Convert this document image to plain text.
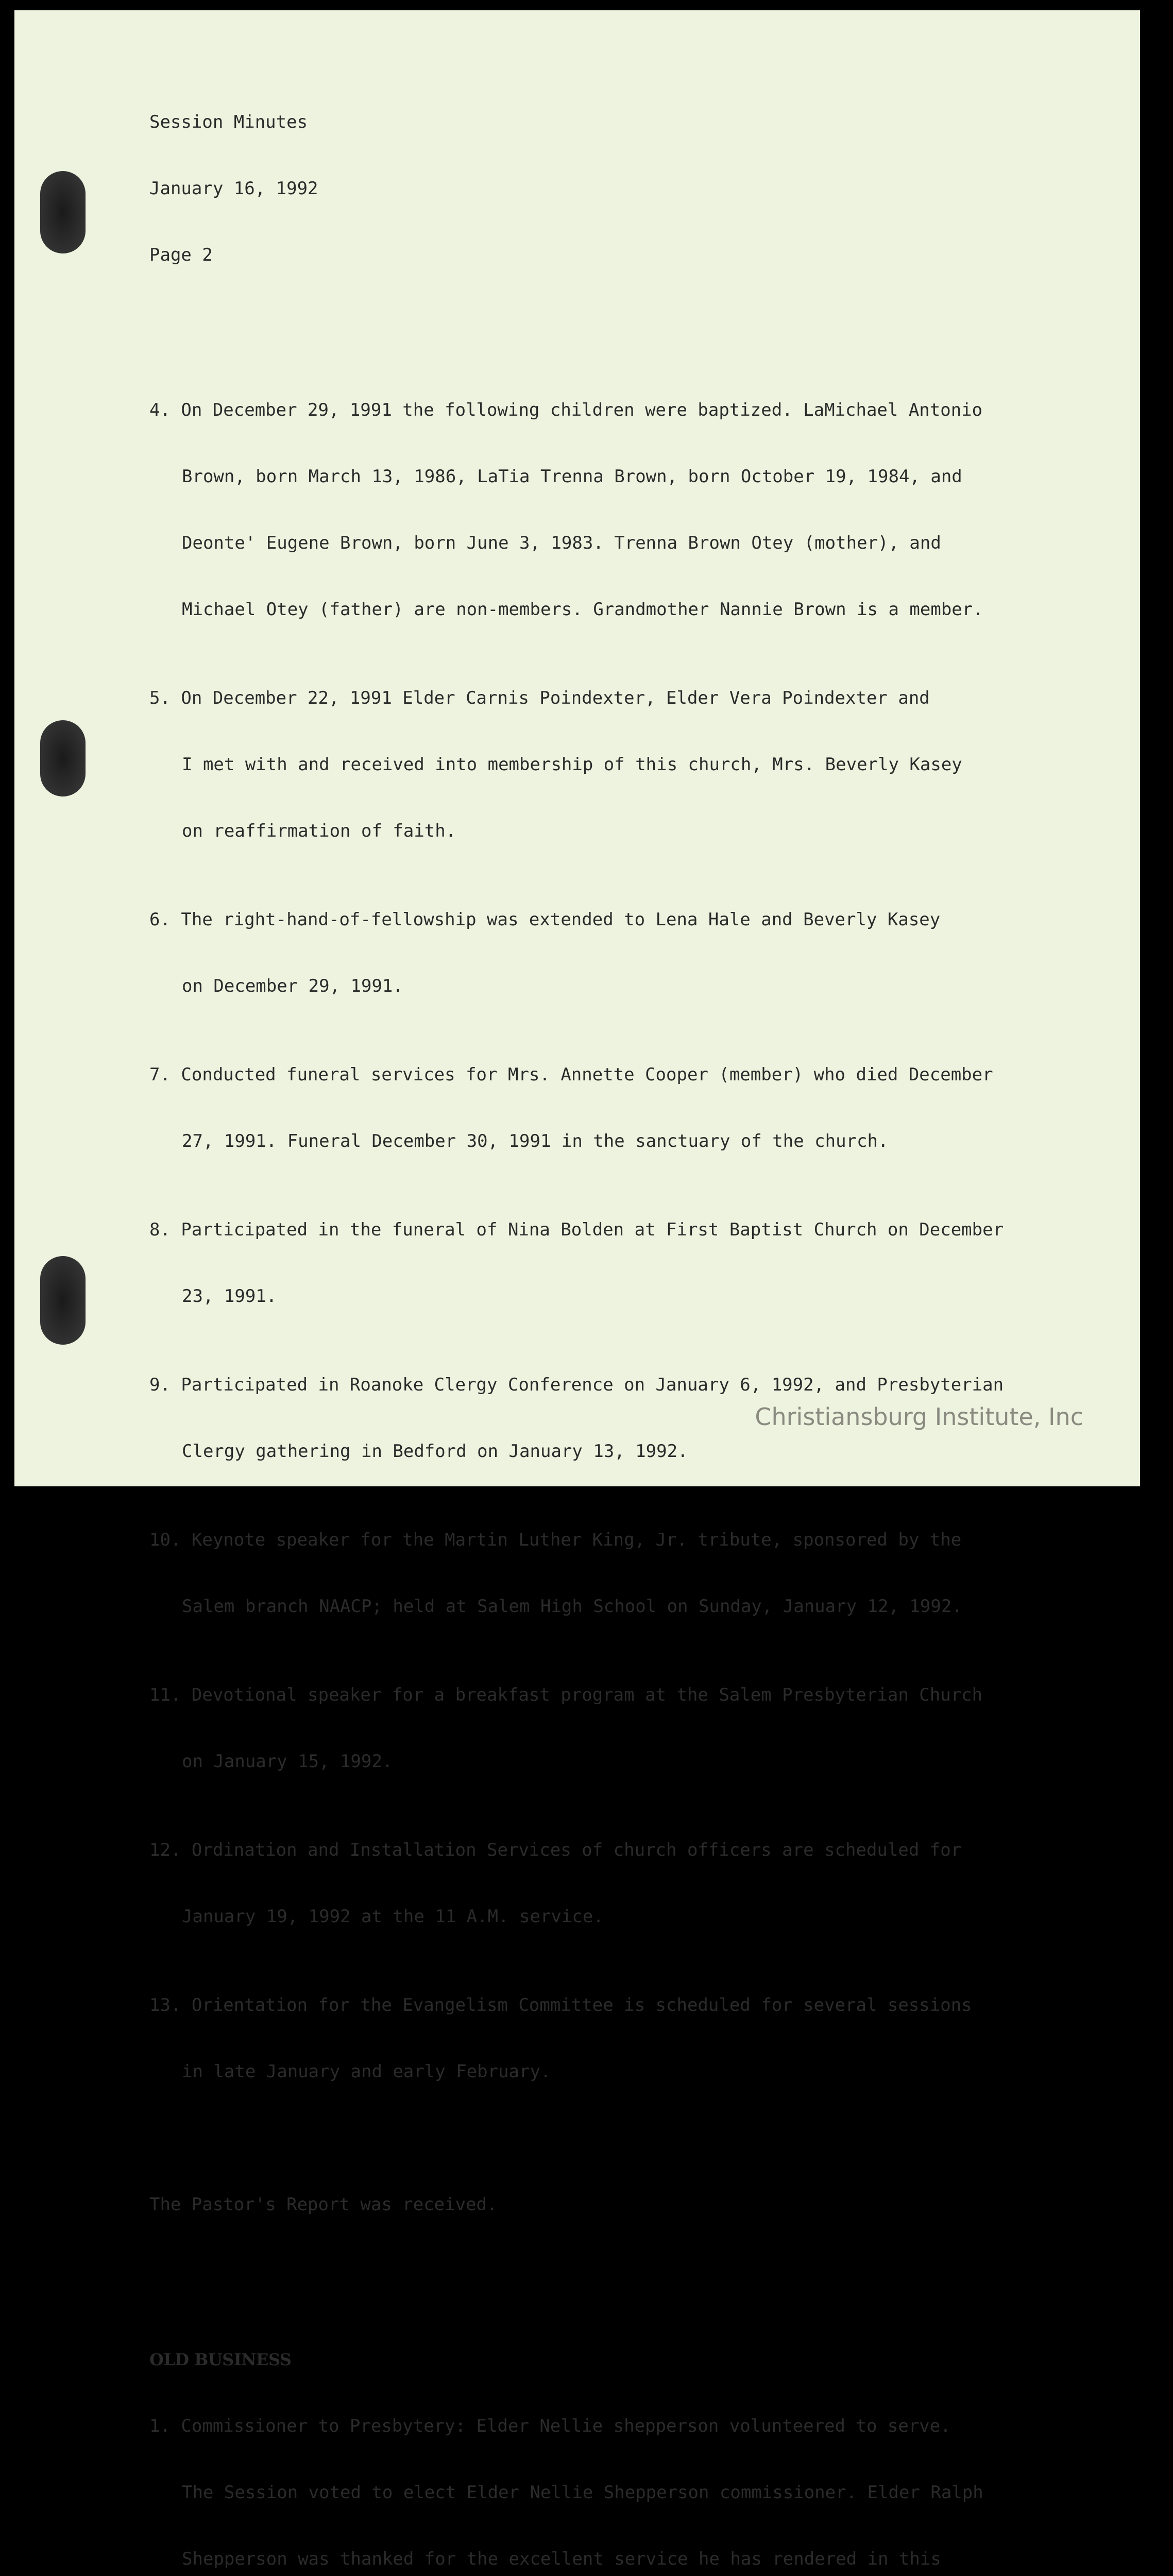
Session Minutes

January 16, 1992

Page 2

4. On December 29, 1991 the following children were baptized. LaMichael Antonio

Brown, born March 13, 1986, LaTia Trenna Brown, born October 19, 1984, and

Deonte' Eugene Brown, born June 3, 1983. Trenna Brown Otey (mother), and

Michael Otey (father) are non-members. Grandmother Nannie Brown is a member.

5. On December 22, 1991 Elder Carnis Poindexter, Elder Vera Poindexter and

I met with and received into membership of this church, Mrs. Beverly Kasey

on reaffirmation of faith.

6. The right-hand-of-fellowship was extended to Lena Hale and Beverly Kasey

on December 29, 1991.

7. Conducted funeral services for Mrs. Annette Cooper (member) who died December

27, 1991. Funeral December 30, 1991 in the sanctuary of the church.

8. Participated in the funeral of Nina Bolden at First Baptist Church on December

23, 1991.

9. Participated in Roanoke Clergy Conference on January 6, 1992, and Presbyterian

Clergy gathering in Bedford on January 13, 1992.

10. Keynote speaker for the Martin Luther King, Jr. tribute, sponsored by the

Salem branch NAACP; held at Salem High School on Sunday, January 12, 1992.

11. Devotional speaker for a breakfast program at the Salem Presbyterian Church

on January 15, 1992.

12. Ordination and Installation Services of church officers are scheduled for

January 19, 1992 at the 11 A.M. service.

13. Orientation for the Evangelism Committee is scheduled for several sessions

in late January and early February.

The Pastor's Report was received.

OLD BUSINESS

1. Commissioner to Presbytery: Elder Nellie shepperson volunteered to serve.

The Session voted to elect Elder Nellie Shepperson commissioner. Elder Ralph

Shepperson was thanked for the excellent service he has rendered in this

Christiansburg Institute, Inc
